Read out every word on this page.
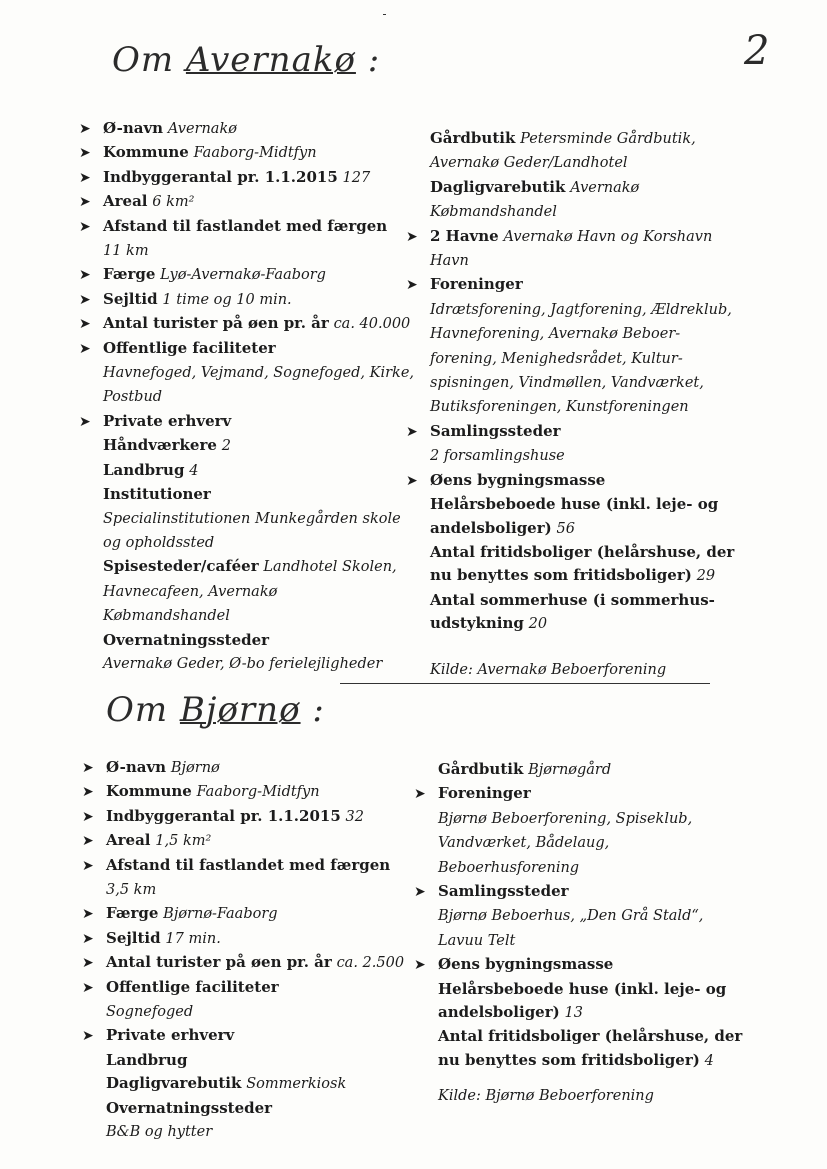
2
Om Avernakø :
➤ Ø-navn Avernakø
➤ Kommune Faaborg-Midtfyn
➤ Indbyggerantal pr. 1.1.2015 127
➤ Areal 6 km²
➤ Afstand til fastlandet med færgen
11 km
➤ Færge Lyø-Avernakø-Faaborg
➤ Sejltid 1 time og 10 min.
➤ Antal turister på øen pr. år ca. 40.000
➤ Offentlige faciliteter
Havnefoged, Vejmand, Sognefoged, Kirke,
Postbud
➤ Private erhverv
Håndværkere 2
Landbrug 4
Institutioner
Specialinstitutionen Munkegården skole
og opholdssted
Spisesteder/caféer Landhotel Skolen,
Havnecafeen, Avernakø
Købmandshandel
Overnatningssteder
Avernakø Geder, Ø-bo ferielejligheder
Gårdbutik Petersminde Gårdbutik,
Avernakø Geder/Landhotel
Dagligvarebutik Avernakø
Købmandshandel
➤ 2 Havne Avernakø Havn og Korshavn
Havn
➤ Foreninger
Idrætsforening, Jagtforening, Ældreklub,
Havneforening, Avernakø Beboer-
forening, Menighedsrådet, Kultur-
spisningen, Vindmøllen, Vandværket,
Butiksforeningen, Kunstforeningen
➤ Samlingssteder
2 forsamlingshuse
➤ Øens bygningsmasse
Helårsbeboede huse (inkl. leje- og
andelsboliger) 56
Antal fritidsboliger (helårshuse, der
nu benyttes som fritidsboliger) 29
Antal sommerhuse (i sommerhus-
udstykning 20
Kilde: Avernakø Beboerforening
Om Bjørnø :
➤ Ø-navn Bjørnø
➤ Kommune Faaborg-Midtfyn
➤ Indbyggerantal pr. 1.1.2015 32
➤ Areal 1,5 km²
➤ Afstand til fastlandet med færgen
3,5 km
➤ Færge Bjørnø-Faaborg
➤ Sejltid 17 min.
➤ Antal turister på øen pr. år ca. 2.500
➤ Offentlige faciliteter
Sognefoged
➤ Private erhverv
Landbrug
Dagligvarebutik Sommerkiosk
Overnatningssteder
B&B og hytter
Gårdbutik Bjørnøgård
➤ Foreninger
Bjørnø Beboerforening, Spiseklub,
Vandværket, Bådelaug,
Beboerhusforening
➤ Samlingssteder
Bjørnø Beboerhus, „Den Grå Stald“,
Lavuu Telt
➤ Øens bygningsmasse
Helårsbeboede huse (inkl. leje- og
andelsboliger) 13
Antal fritidsboliger (helårshuse, der
nu benyttes som fritidsboliger) 4
Kilde: Bjørnø Beboerforening
